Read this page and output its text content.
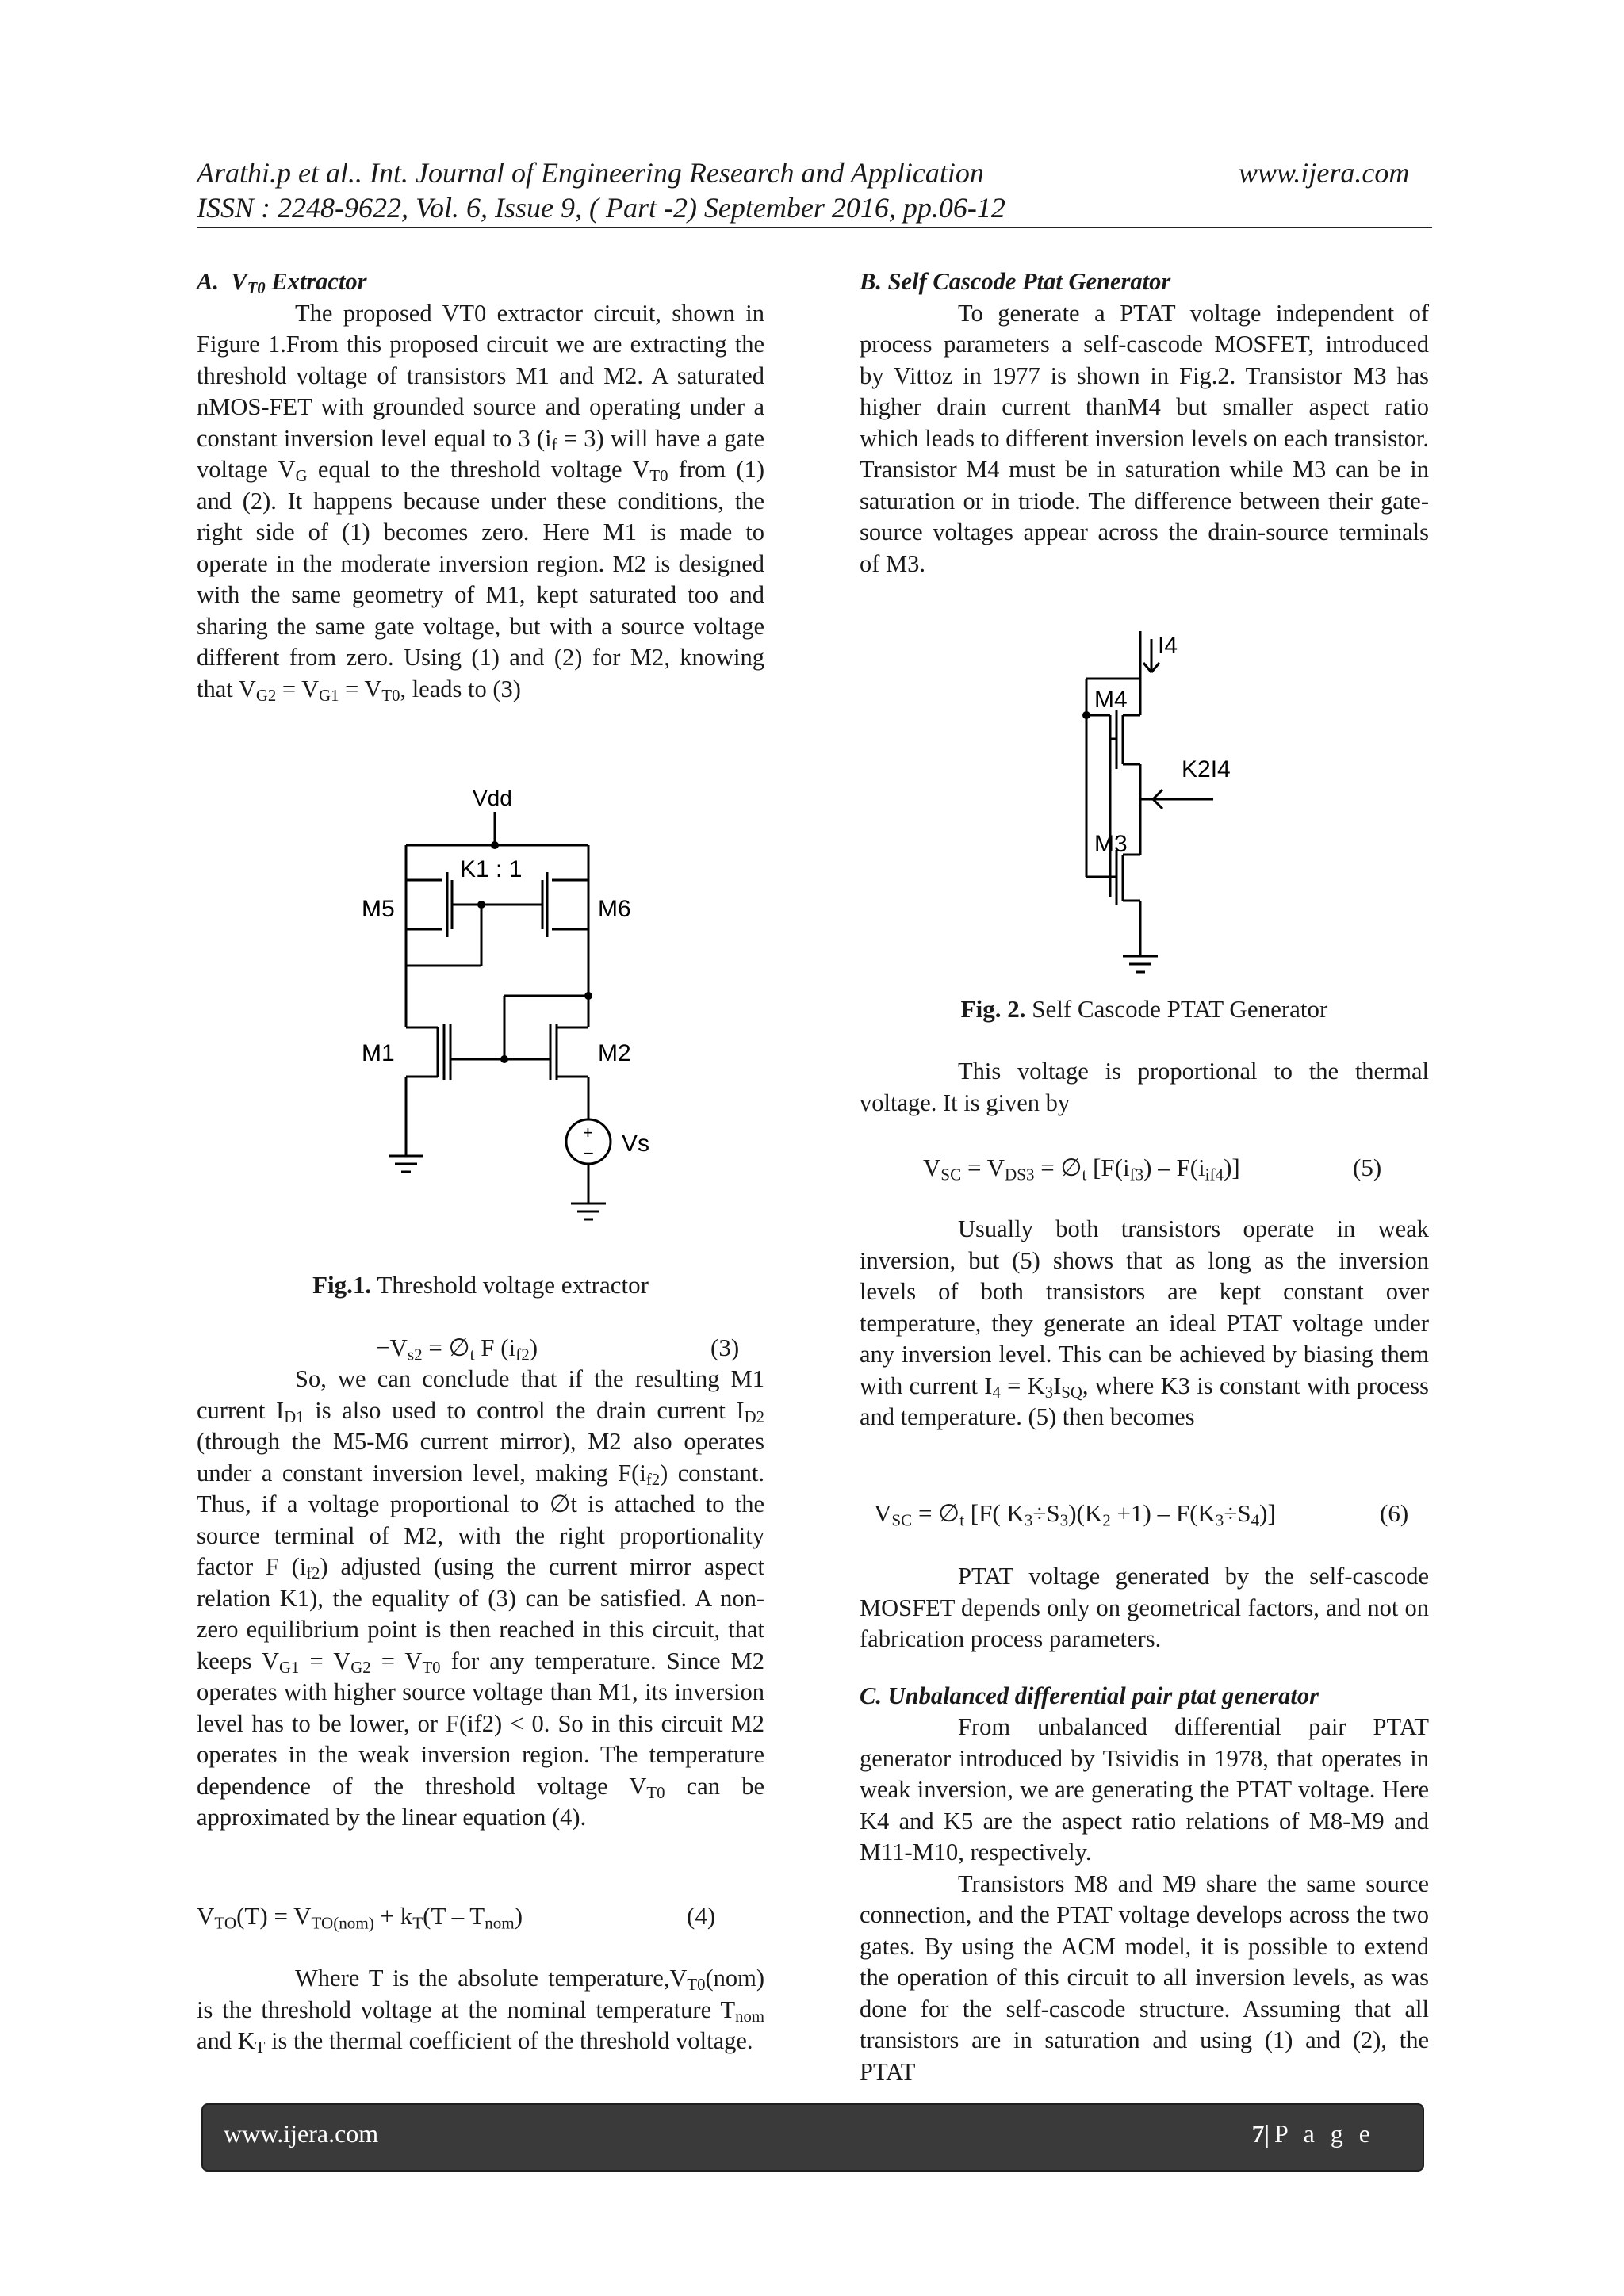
Arathi.p et al.. Int. Journal of Engineering Research and Application	www.ijera.com
ISSN : 2248-9622, Vol. 6, Issue 9, ( Part -2) September 2016, pp.06-12

A. $V_{T0}$ Extractor

The proposed VT0 extractor circuit, shown in Figure 1.From this proposed circuit we are extracting the threshold voltage of transistors M1 and M2. A saturated nMOS-FET with grounded source and operating under a constant inversion level equal to 3 $(i_f = 3)$ will have a gate voltage $V_G$ equal to the threshold voltage $V_{T0}$ from (1) and (2). It happens because under these conditions, the right side of (1) becomes zero. Here M1 is made to operate in the moderate inversion region. M2 is designed with the same geometry of M1, kept saturated too and sharing the same gate voltage, but with a source voltage different from zero. Using (1) and (2) for M2, knowing that $V_{G2} = V_{G1} = V_{T0}$, leads to (3)

Vdd
K1 : 1
M5	M6
M1	M2
Vs
+
−
Fig.1. Threshold voltage extractor
$-V_{s2}$ = $\emptyset_t$ F $(i_{f2})$	(3)

So, we can conclude that if the resulting M1 current $I_{D1}$ is also used to control the drain current $I_{D2}$ (through the M5-M6 current mirror), M2 also operates under a constant inversion level, making $F(i_{f2})$ constant. Thus, if a voltage proportional to ∅t is attached to the source terminal of M2, with the right proportionality factor F $(i_{f2})$ adjusted (using the current mirror aspect relation K1), the equality of (3) can be satisfied. A non-zero equilibrium point is then reached in this circuit, that keeps $V_{G1} = V_{G2} = V_{T0}$ for any temperature. Since M2 operates with higher source voltage than M1, its inversion level has to be lower, or F(if2) < 0. So in this circuit M2 operates in the weak inversion region. The temperature dependence of the threshold voltage $V_{T0}$ can be approximated by the linear equation (4).

$V_{TO}(T) = V_{TO(nom)} + k_T(T - T_{nom})$	(4)

Where T is the absolute $temperature,V_{T0}(nom)$ is the threshold voltage at the nominal temperature $T_{nom}$ and $K_T$ is the thermal coefficient of the threshold voltage.

B. Self Cascode Ptat Generator

To generate a PTAT voltage independent of process parameters a self-cascode MOSFET, introduced by Vittoz in 1977 is shown in Fig.2. Transistor M3 has higher drain current thanM4 but smaller aspect ratio which leads to different inversion levels on each transistor. Transistor M4 must be in saturation while M3 can be in saturation or in triode. The difference between their gate-source voltages appear across the drain-source terminals of M3.

I4
M4
K2I4
M3
Fig. 2. Self Cascode PTAT Generator

This voltage is proportional to the thermal voltage. It is given by

$V_{SC} = V_{DS3}$ = $\emptyset_t$ $[F(i_{f3}) - F(i_{if4})]$	(5)

Usually both transistors operate in weak inversion, but (5) shows that as long as the inversion levels of both transistors are kept constant over temperature, they generate an ideal PTAT voltage under any inversion level. This can be achieved by biasing them with current $I_4 = K_3I_{SQ}$, where K3 is constant with process and temperature. (5) then becomes

$V_{SC}$ = $\emptyset_t$ [F( $K_3\div S_3)(K_2 +1) - F(K_3\div S_4)$]	(6)

PTAT voltage generated by the self-cascode MOSFET depends only on geometrical factors, and not on fabrication process parameters.

C. Unbalanced differential pair ptat generator

From unbalanced differential pair PTAT generator introduced by Tsividis in 1978, that operates in weak inversion, we are generating the PTAT voltage. Here K4 and K5 are the aspect ratio relations of M8-M9 and M11-M10, respectively.

Transistors M8 and M9 share the same source connection, and the PTAT voltage develops across the two gates. By using the ACM model, it is possible to extend the operation of this circuit to all inversion levels, as was done for the self-cascode structure. Assuming that all transistors are in saturation and using (1) and (2), the PTAT

www.ijera.com	7|P a g e
